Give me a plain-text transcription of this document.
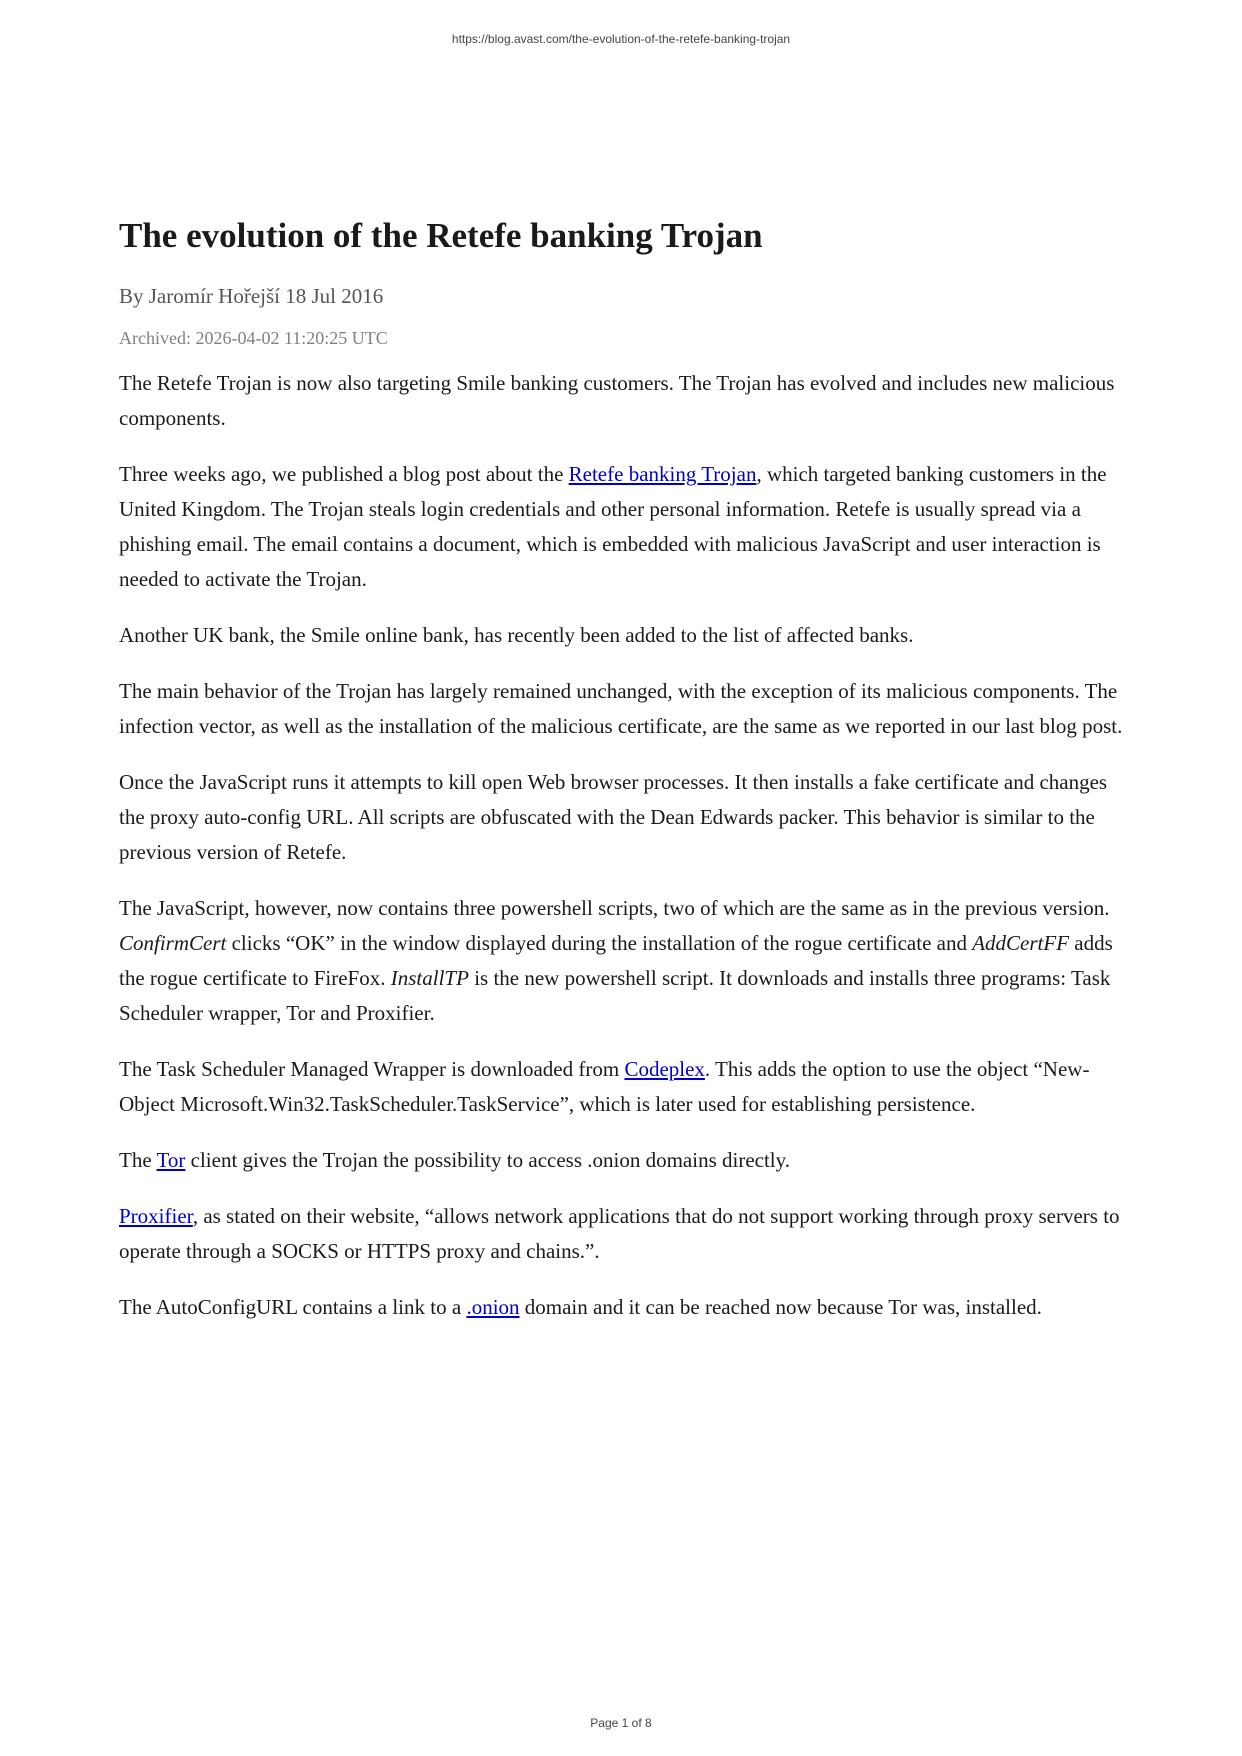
https://blog.avast.com/the-evolution-of-the-retefe-banking-trojan
The evolution of the Retefe banking Trojan
By Jaromír Hořejší 18 Jul 2016
Archived: 2026-04-02 11:20:25 UTC

The Retefe Trojan is now also targeting Smile banking customers. The Trojan has evolved and includes new malicious components.

Three weeks ago, we published a blog post about the Retefe banking Trojan, which targeted banking customers in the United Kingdom. The Trojan steals login credentials and other personal information. Retefe is usually spread via a phishing email. The email contains a document, which is embedded with malicious JavaScript and user interaction is needed to activate the Trojan.

Another UK bank, the Smile online bank, has recently been added to the list of affected banks.

The main behavior of the Trojan has largely remained unchanged, with the exception of its malicious components. The infection vector, as well as the installation of the malicious certificate, are the same as we reported in our last blog post.

Once the JavaScript runs it attempts to kill open Web browser processes. It then installs a fake certificate and changes the proxy auto-config URL. All scripts are obfuscated with the Dean Edwards packer. This behavior is similar to the previous version of Retefe.

The JavaScript, however, now contains three powershell scripts, two of which are the same as in the previous version. ConfirmCert clicks “OK” in the window displayed during the installation of the rogue certificate and AddCertFF adds the rogue certificate to FireFox. InstallTP is the new powershell script. It downloads and installs three programs: Task Scheduler wrapper, Tor and Proxifier.

The Task Scheduler Managed Wrapper is downloaded from Codeplex. This adds the option to use the object “New-Object Microsoft.Win32.TaskScheduler.TaskService”, which is later used for establishing persistence.

The Tor client gives the Trojan the possibility to access .onion domains directly.

Proxifier, as stated on their website, “allows network applications that do not support working through proxy servers to operate through a SOCKS or HTTPS proxy and chains.”.

The AutoConfigURL contains a link to a .onion domain and it can be reached now because Tor was, installed.

Page 1 of 8
